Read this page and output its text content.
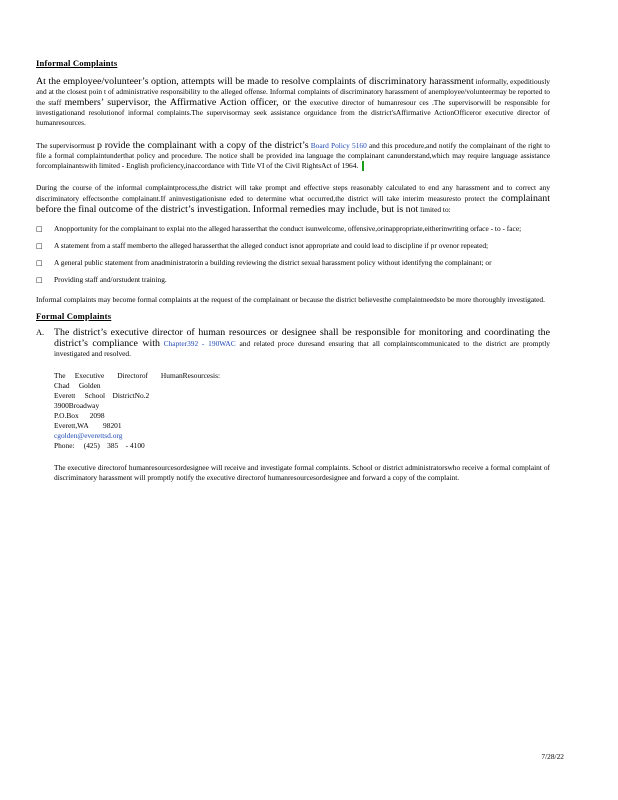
Informal Complaints

At the employee/volunteer’s option, attempts will be made to resolve complaints of discriminatory harassment informally, expeditiously and at the closest poin t of administrative responsibility to the alleged offense. Informal complaints of discriminatory harassment of anemployee/volunteermay be reported to the staff members’ supervisor, the Affirmative Action officer, or the executive director of humanresour ces .The supervisorwill be responsible for investigationand resolutionof informal complaints.The supervisormay seek assistance orguidance from the district'sAffirmative ActionOfficeror executive director of humanresources.

The supervisormust p rovide the complainant with a copy of the district’s Board Policy 5160 and this procedure,and notify the complainant of the right to file a formal complaintunderthat policy and procedure. The notice shall be provided ina language the complainant canunderstand,which may require language assistance forcomplainantswith limited - English proficiency,inaccordance with Title VI of the Civil RightsAct of 1964.

During the course of the informal complaintprocess,the district will take prompt and effective steps reasonably calculated to end any harassment and to correct any discriminatory effectsonthe complainant.If aninvestigationisne eded to determine what occurred,the district will take interim measuresto protect the complainant before the final outcome of the district’s investigation. Informal remedies may include, but is not limited to:

□	Anopportunity for the complainant to explai nto the alleged harasserthat the conduct isunwelcome, offensive,orinappropriate,eitherinwriting orface - to - face;
□	A statement from a staff memberto the alleged harasserthat the alleged conduct isnot appropriate and could lead to discipline if pr ovenor repeated;
□	A general public statement from anadministratorin a building reviewing the district sexual harassment policy without identifyng the complainant; or
□	Providing staff and/orstudent training.

Informal complaints may become formal complaints at the request of the complainant or because the district believesthe complaintneedsto be more thoroughly investigated.

Formal Complaints
A. The district’s executive director of human resources or designee shall be responsible for monitoring and coordinating the district’s compliance with Chapter392 - 190WAC and related proce duresand ensuring that all complaintscommunicated to the district are promptly investigated and resolved.

The     Executive       Directorof       HumanResourcesis:
Chad     Golden
Everett     School    DistrictNo.2
3900Broadway
P.O.Box      2098
Everett,WA        98201
cgolden@everettsd.org
Phone:     (425)    385    - 4100

The executive directorof humanresourcesordesignee will receive and investigate formal complaints. School or district administratorswho receive a formal complaint of discriminatory harassment will promptly notify the executive directorof humanresourcesordesignee and forward a copy of the complaint.

7/28/22
